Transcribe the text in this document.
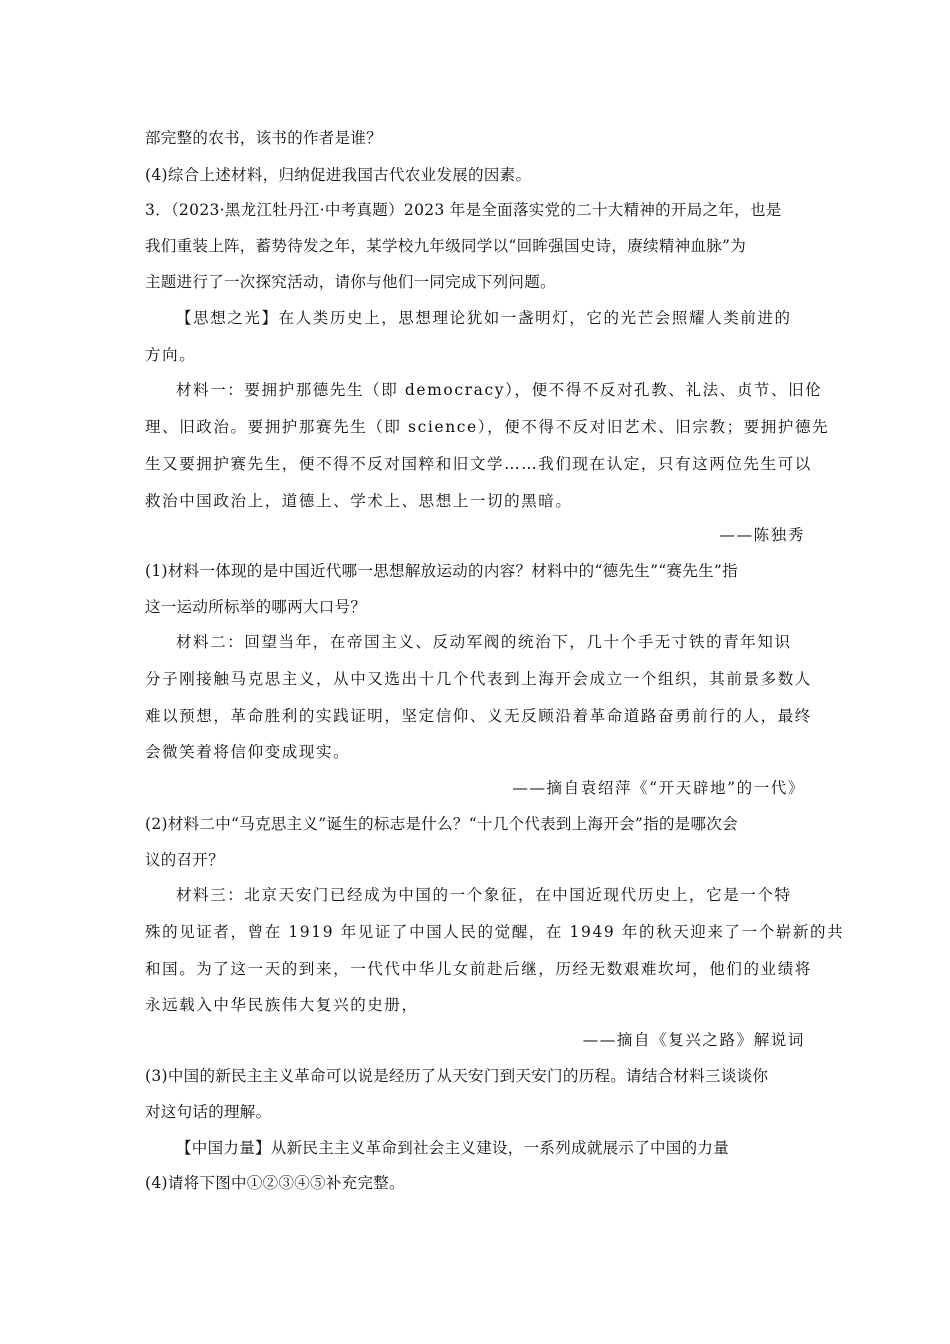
部完整的农书，该书的作者是谁？
(4)综合上述材料，归纳促进我国古代农业发展的因素。
3．（2023·黑龙江牡丹江·中考真题）2023 年是全面落实党的二十大精神的开局之年，也是
我们重装上阵，蓄势待发之年，某学校九年级同学以“回眸强国史诗，赓续精神血脉”为
主题进行了一次探究活动，请你与他们一同完成下列问题。
【思想之光】在人类历史上，思想理论犹如一盏明灯，它的光芒会照耀人类前进的
方向。
材料一：要拥护那德先生（即 democracy），便不得不反对孔教、礼法、贞节、旧伦
理、旧政治。要拥护那赛先生（即 science），便不得不反对旧艺术、旧宗教；要拥护德先
生又要拥护赛先生，便不得不反对国粹和旧文学……我们现在认定，只有这两位先生可以
救治中国政治上，道德上、学术上、思想上一切的黑暗。
——陈独秀
(1)材料一体现的是中国近代哪一思想解放运动的内容？材料中的“德先生”“赛先生”指
这一运动所标举的哪两大口号？
材料二：回望当年，在帝国主义、反动军阀的统治下，几十个手无寸铁的青年知识
分子刚接触马克思主义，从中又选出十几个代表到上海开会成立一个组织，其前景多数人
难以预想，革命胜利的实践证明，坚定信仰、义无反顾沿着革命道路奋勇前行的人，最终
会微笑着将信仰变成现实。
——摘自袁绍萍《“开天辟地”的一代》
(2)材料二中“马克思主义”诞生的标志是什么？“十几个代表到上海开会”指的是哪次会
议的召开？
材料三：北京天安门已经成为中国的一个象征，在中国近现代历史上，它是一个特
殊的见证者，曾在 1919 年见证了中国人民的觉醒，在 1949 年的秋天迎来了一个崭新的共
和国。为了这一天的到来，一代代中华儿女前赴后继，历经无数艰难坎坷，他们的业绩将
永远载入中华民族伟大复兴的史册，
——摘自《复兴之路》解说词
(3)中国的新民主主义革命可以说是经历了从天安门到天安门的历程。请结合材料三谈谈你
对这句话的理解。
【中国力量】从新民主主义革命到社会主义建设，一系列成就展示了中国的力量
(4)请将下图中①②③④⑤补充完整。
